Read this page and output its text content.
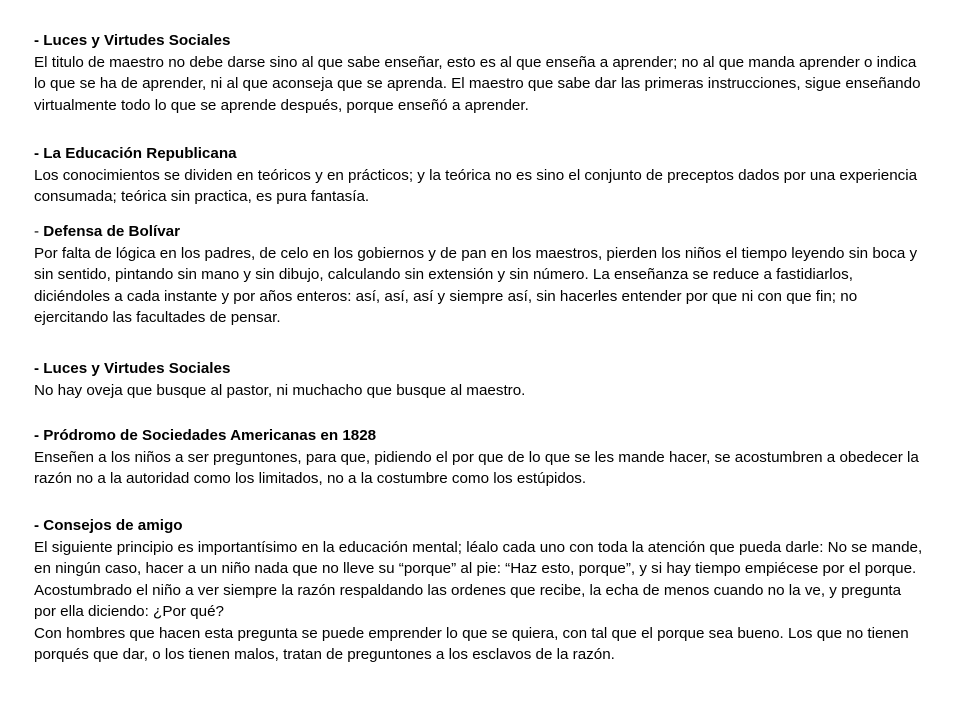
- Luces y Virtudes Sociales

El titulo de maestro no debe darse sino al que sabe enseñar, esto es al que enseña a aprender; no al que manda aprender o indica lo que se ha de aprender, ni al que aconseja que se aprenda. El maestro que sabe dar las primeras instrucciones, sigue enseñando virtualmente todo lo que se aprende después, porque enseñó a aprender.

- La Educación Republicana

Los conocimientos se dividen en teóricos y en prácticos; y la teórica no es sino el conjunto de preceptos dados por una experiencia consumada; teórica sin practica, es pura fantasía.

- Defensa de Bolívar

Por falta de lógica en los padres, de celo en los gobiernos y de pan en los maestros, pierden los niños el tiempo leyendo sin boca y sin sentido, pintando sin mano y sin dibujo, calculando sin extensión y sin número. La enseñanza se reduce a fastidiarlos, diciéndoles a cada instante y por años enteros: así, así, así y siempre así, sin hacerles entender por que ni con que fin; no ejercitando las facultades de pensar.

- Luces y Virtudes Sociales

No hay oveja que busque al pastor, ni muchacho que busque al maestro.

- Pródromo de Sociedades Americanas en 1828

Enseñen a los niños a ser preguntones, para que, pidiendo el por que de lo que se les mande hacer, se acostumbren a obedecer la razón no a la autoridad como los limitados, no a la costumbre como los estúpidos.

- Consejos de amigo

El siguiente principio es importantísimo en la educación mental; léalo cada uno con toda la atención que pueda darle: No se mande, en ningún caso, hacer a un niño nada que no lleve su “porque” al pie: “Haz esto, porque”, y si hay tiempo empiécese por el porque. Acostumbrado el niño a ver siempre la razón respaldando las ordenes que recibe, la echa de menos cuando no la ve, y pregunta por ella diciendo: ¿Por qué?

Con hombres que hacen esta pregunta se puede emprender lo que se quiera, con tal que el porque sea bueno. Los que no tienen porqués que dar, o los tienen malos, tratan de preguntones a los esclavos de la razón.
